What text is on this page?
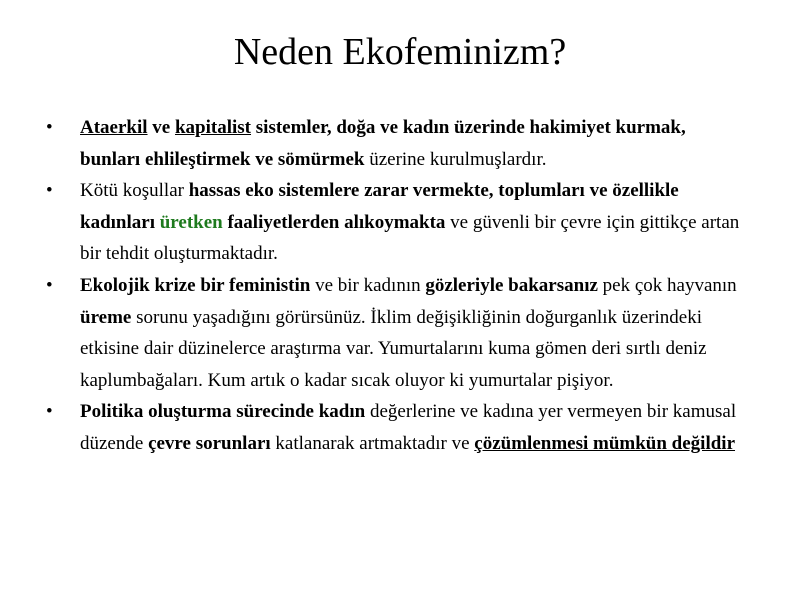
Neden Ekofeminizm?
•	Ataerkil ve kapitalist sistemler, doğa ve kadın üzerinde hakimiyet kurmak, bunları ehlileştirmek ve sömürmek üzerine kurulmuşlardır.
•	Kötü koşullar hassas eko sistemlere zarar vermekte, toplumları ve özellikle kadınları üretken faaliyetlerden alıkoymakta ve güvenli bir çevre için gittikçe artan bir tehdit oluşturmaktadır.
•	Ekolojik krize bir feministin ve bir kadının gözleriyle bakarsanız pek çok hayvanın üreme sorunu yaşadığını görürsünüz. İklim değişikliğinin doğurganlık üzerindeki etkisine dair düzinelerce araştırma var. Yumurtalarını kuma gömen deri sırtlı deniz kaplumbağaları. Kum artık o kadar sıcak oluyor ki yumurtalar pişiyor.
•	Politika oluşturma sürecinde kadın değerlerine ve kadına yer vermeyen bir kamusal düzende çevre sorunları katlanarak artmaktadır ve çözümlenmesi mümkün değildir
